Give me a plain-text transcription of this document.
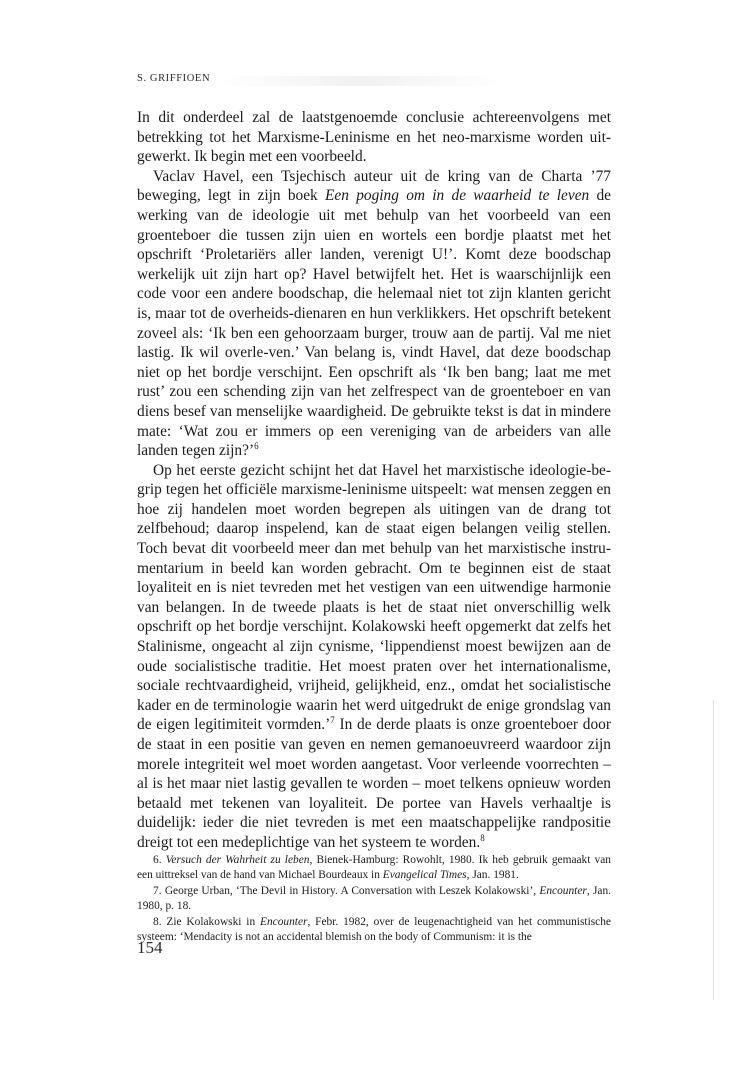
S. GRIFFIOEN

In dit onderdeel zal de laatstgenoemde conclusie achtereenvolgens met betrekking tot het Marxisme-Leninisme en het neo-marxisme worden uit-gewerkt. Ik begin met een voorbeeld.

Vaclav Havel, een Tsjechisch auteur uit de kring van de Charta ’77 beweging, legt in zijn boek Een poging om in de waarheid te leven de werking van de ideologie uit met behulp van het voorbeeld van een groenteboer die tussen zijn uien en wortels een bordje plaatst met het opschrift ‘Proletariërs aller landen, verenigt U!’. Komt deze boodschap werkelijk uit zijn hart op? Havel betwijfelt het. Het is waarschijnlijk een code voor een andere boodschap, die helemaal niet tot zijn klanten gericht is, maar tot de overheids-dienaren en hun verklikkers. Het opschrift betekent zoveel als: ‘Ik ben een gehoorzaam burger, trouw aan de partij. Val me niet lastig. Ik wil overle-ven.’ Van belang is, vindt Havel, dat deze boodschap niet op het bordje verschijnt. Een opschrift als ‘Ik ben bang; laat me met rust’ zou een schending zijn van het zelfrespect van de groenteboer en van diens besef van menselijke waardigheid. De gebruikte tekst is dat in mindere mate: ‘Wat zou er immers op een vereniging van de arbeiders van alle landen tegen zijn?’$^6$

Op het eerste gezicht schijnt het dat Havel het marxistische ideologie-be-grip tegen het officiële marxisme-leninisme uitspeelt: wat mensen zeggen en hoe zij handelen moet worden begrepen als uitingen van de drang tot zelfbehoud; daarop inspelend, kan de staat eigen belangen veilig stellen. Toch bevat dit voorbeeld meer dan met behulp van het marxistische instru-mentarium in beeld kan worden gebracht. Om te beginnen eist de staat loyaliteit en is niet tevreden met het vestigen van een uitwendige harmonie van belangen. In de tweede plaats is het de staat niet onverschillig welk opschrift op het bordje verschijnt. Kolakowski heeft opgemerkt dat zelfs het Stalinisme, ongeacht al zijn cynisme, ‘lippendienst moest bewijzen aan de oude socialistische traditie. Het moest praten over het internationalisme, sociale rechtvaardigheid, vrijheid, gelijkheid, enz., omdat het socialistische kader en de terminologie waarin het werd uitgedrukt de enige grondslag van de eigen legitimiteit vormden.’$^7$ In de derde plaats is onze groenteboer door de staat in een positie van geven en nemen gemanoeuvreerd waardoor zijn morele integriteit wel moet worden aangetast. Voor verleende voorrechten – al is het maar niet lastig gevallen te worden – moet telkens opnieuw worden betaald met tekenen van loyaliteit. De portee van Havels verhaaltje is duidelijk: ieder die niet tevreden is met een maatschappelijke randpositie dreigt tot een medeplichtige van het systeem te worden.$^8$

6. Versuch der Wahrheit zu leben, Bienek-Hamburg: Rowohlt, 1980. Ik heb gebruik gemaakt van een uittreksel van de hand van Michael Bourdeaux in Evangelical Times, Jan. 1981.

7. George Urban, ‘The Devil in History. A Conversation with Leszek Kolakowski’, Encounter, Jan. 1980, p. 18.

8. Zie Kolakowski in Encounter, Febr. 1982, over de leugenachtigheid van het communistische systeem: ‘Mendacity is not an accidental blemish on the body of Communism: it is the

154
